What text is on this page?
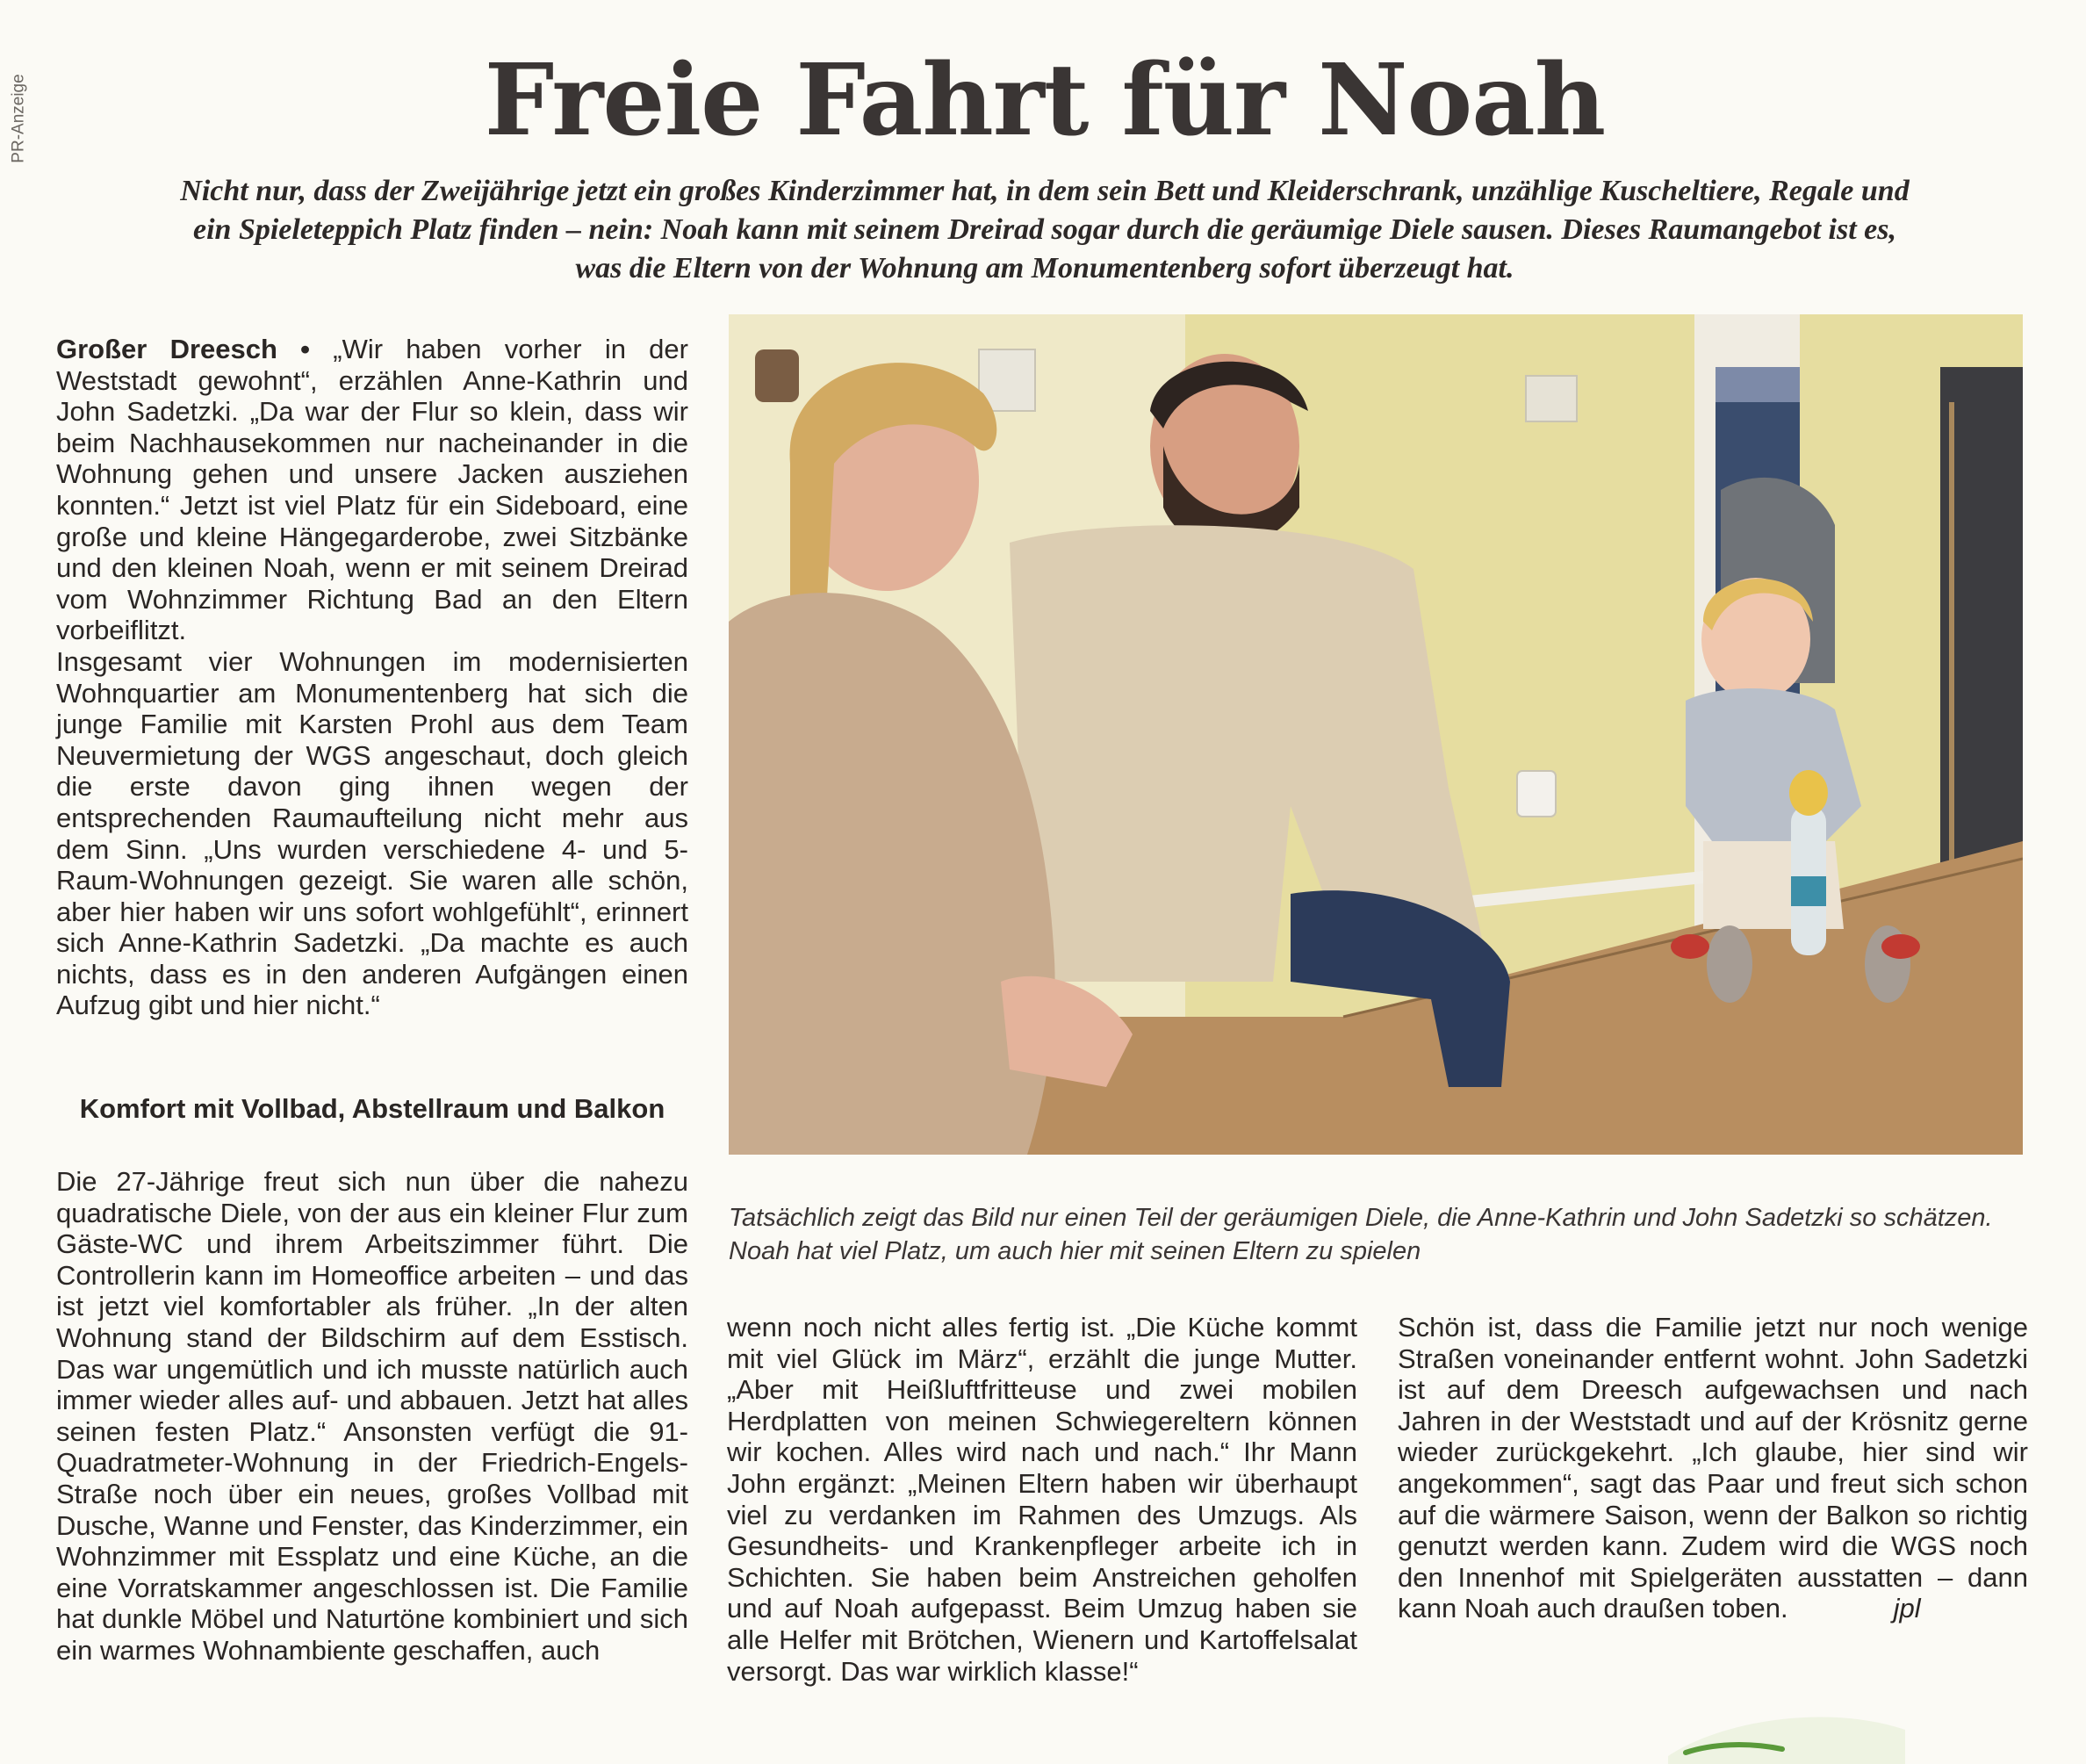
PR-Anzeige	Freie Fahrt für Noah

Nicht nur, dass der Zweijährige jetzt ein großes Kinderzimmer hat, in dem sein Bett und Kleiderschrank, unzählige Kuscheltiere, Regale und ein Spieleteppich Platz finden – nein: Noah kann mit seinem Dreirad sogar durch die geräumige Diele sausen. Dieses Raumangebot ist es, was die Eltern von der Wohnung am Monumentenberg sofort überzeugt hat.

Großer Dreesch • „Wir haben vorher in der Weststadt gewohnt“, erzählen Anne-Kathrin und John Sadetzki. „Da war der Flur so klein, dass wir beim Nachhausekommen nur nacheinander in die Wohnung gehen und unsere Jacken ausziehen konnten.“ Jetzt ist viel Platz für ein Sideboard, eine große und kleine Hängegarderobe, zwei Sitzbänke und den kleinen Noah, wenn er mit seinem Dreirad vom Wohnzimmer Richtung Bad an den Eltern vorbeiflitzt.

Insgesamt vier Wohnungen im modernisierten Wohnquartier am Monumentenberg hat sich die junge Familie mit Karsten Prohl aus dem Team Neuvermietung der WGS angeschaut, doch gleich die erste davon ging ihnen wegen der entsprechenden Raumaufteilung nicht mehr aus dem Sinn. „Uns wurden verschiedene 4- und 5-Raum-Wohnungen gezeigt. Sie waren alle schön, aber hier haben wir uns sofort wohlgefühlt“, erinnert sich Anne-Kathrin Sadetzki. „Da machte es auch nichts, dass es in den anderen Aufgängen einen Aufzug gibt und hier nicht.“

Komfort mit Vollbad, Abstellraum und Balkon

Die 27-Jährige freut sich nun über die nahezu quadratische Diele, von der aus ein kleiner Flur zum Gäste-WC und ihrem Arbeitszimmer führt. Die Controllerin kann im Homeoffice arbeiten – und das ist jetzt viel komfortabler als früher. „In der alten Wohnung stand der Bildschirm auf dem Esstisch. Das war ungemütlich und ich musste natürlich auch immer wieder alles auf- und abbauen. Jetzt hat alles seinen festen Platz.“ Ansonsten verfügt die 91-Quadratmeter-Wohnung in der Friedrich-Engels-Straße noch über ein neues, großes Vollbad mit Dusche, Wanne und Fenster, das Kinderzimmer, ein Wohnzimmer mit Essplatz und eine Küche, an die eine Vorratskammer angeschlossen ist. Die Familie hat dunkle Möbel und Naturtöne kombiniert und sich ein warmes Wohnambiente geschaffen, auch

Tatsächlich zeigt das Bild nur einen Teil der geräumigen Diele, die Anne-Kathrin und John Sadetzki so schätzen. Noah hat viel Platz, um auch hier mit seinen Eltern zu spielen

wenn noch nicht alles fertig ist. „Die Küche kommt mit viel Glück im März“, erzählt die junge Mutter. „Aber mit Heißluftfritteuse und zwei mobilen Herdplatten von meinen Schwiegereltern können wir kochen. Alles wird nach und nach.“ Ihr Mann John ergänzt: „Meinen Eltern haben wir überhaupt viel zu verdanken im Rahmen des Umzugs. Als Gesundheits- und Krankenpfleger arbeite ich in Schichten. Sie haben beim Anstreichen geholfen und auf Noah aufgepasst. Beim Umzug haben sie alle Helfer mit Brötchen, Wienern und Kartoffelsalat versorgt. Das war wirklich klasse!“

Schön ist, dass die Familie jetzt nur noch wenige Straßen voneinander entfernt wohnt. John Sadetzki ist auf dem Dreesch aufgewachsen und nach Jahren in der Weststadt und auf der Krösnitz gerne wieder zurückgekehrt. „Ich glaube, hier sind wir angekommen“, sagt das Paar und freut sich schon auf die wärmere Saison, wenn der Balkon so richtig genutzt werden kann. Zudem wird die WGS noch den Innenhof mit Spielgeräten ausstatten – dann kann Noah auch draußen toben.	jpl
